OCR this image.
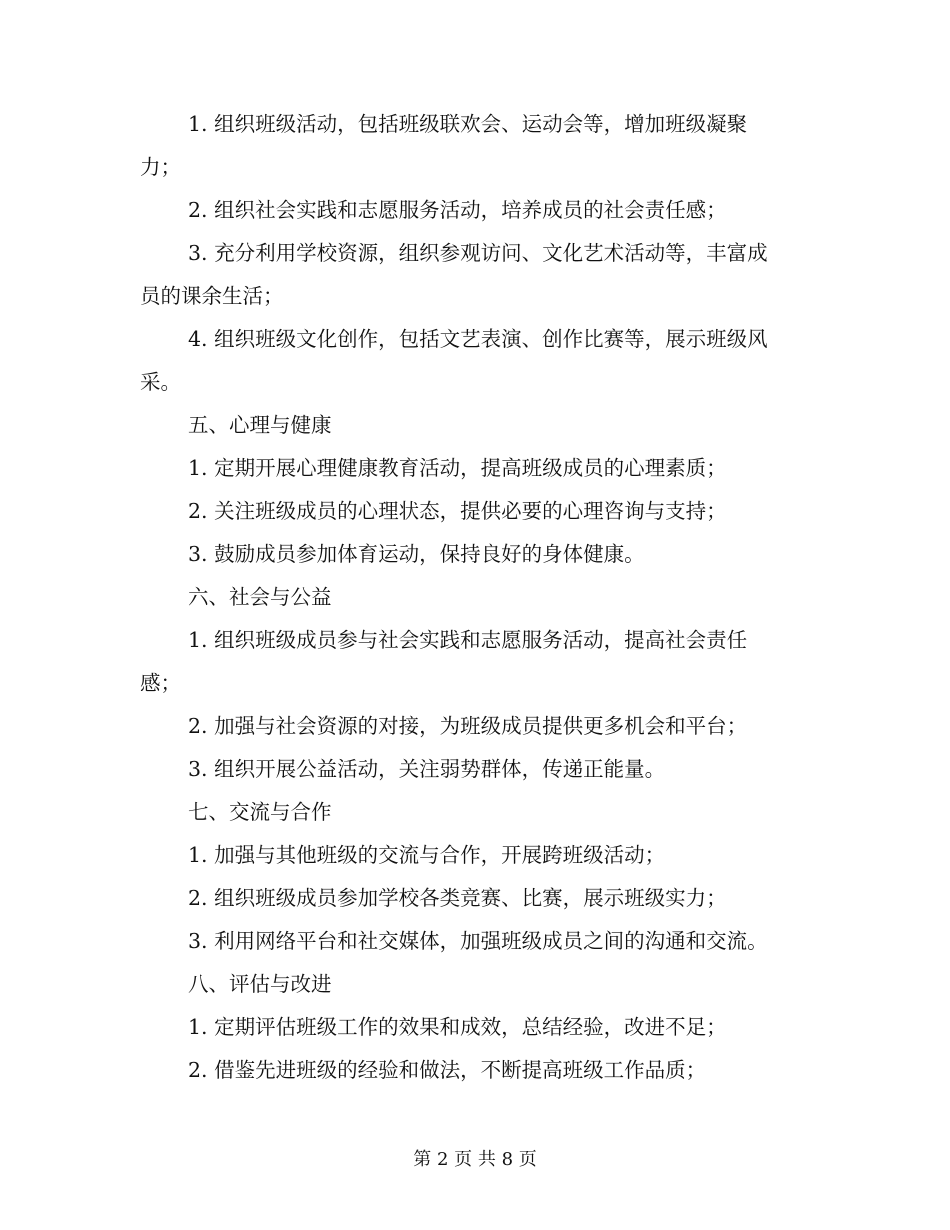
1. 组织班级活动，包括班级联欢会、运动会等，增加班级凝聚

力；

2. 组织社会实践和志愿服务活动，培养成员的社会责任感；

3. 充分利用学校资源，组织参观访问、文化艺术活动等，丰富成

员的课余生活；

4. 组织班级文化创作，包括文艺表演、创作比赛等，展示班级风

采。

五、心理与健康

1. 定期开展心理健康教育活动，提高班级成员的心理素质；

2. 关注班级成员的心理状态，提供必要的心理咨询与支持；

3. 鼓励成员参加体育运动，保持良好的身体健康。

六、社会与公益

1. 组织班级成员参与社会实践和志愿服务活动，提高社会责任

感；

2. 加强与社会资源的对接，为班级成员提供更多机会和平台；

3. 组织开展公益活动，关注弱势群体，传递正能量。

七、交流与合作

1. 加强与其他班级的交流与合作，开展跨班级活动；

2. 组织班级成员参加学校各类竞赛、比赛，展示班级实力；

3. 利用网络平台和社交媒体，加强班级成员之间的沟通和交流。

八、评估与改进

1. 定期评估班级工作的效果和成效，总结经验，改进不足；

2. 借鉴先进班级的经验和做法，不断提高班级工作品质；

第 2 页 共 8 页
